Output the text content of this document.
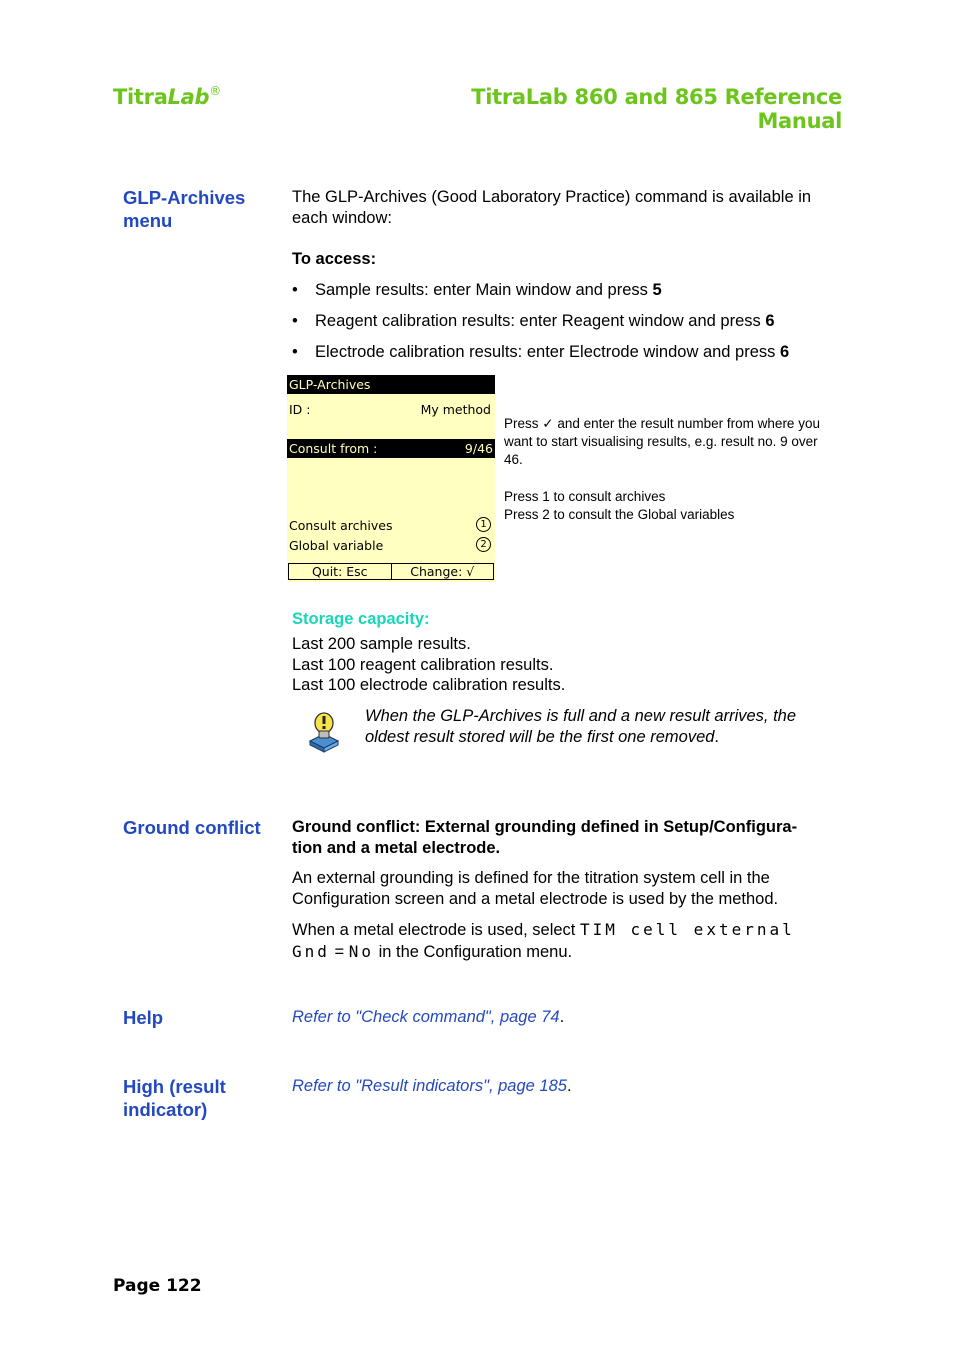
TitraLab®	TitraLab 860 and 865 Reference Manual
GLP-Archives
menu
The GLP-Archives (Good Laboratory Practice) command is available in each window:
To access:
• Sample results: enter Main window and press 5
• Reagent calibration results: enter Reagent window and press 6
• Electrode calibration results: enter Electrode window and press 6
GLP-Archives
ID :	My method
Consult from :	9/46
Consult archives	1
Global variable	2
Quit: Esc	Change: √
Press ✓ and enter the result number from where you want to start visualising results, e.g. result no. 9 over 46.
Press 1 to consult archives
Press 2 to consult the Global variables
Storage capacity:
Last 200 sample results.
Last 100 reagent calibration results.
Last 100 electrode calibration results.
When the GLP-Archives is full and a new result arrives, the oldest result stored will be the first one removed.
Ground conflict Ground conflict: External grounding defined in Setup/Configura-
tion and a metal electrode.
An external grounding is defined for the titration system cell in the Configuration screen and a metal electrode is used by the method.
When a metal electrode is used, select TIM cell external
Gnd = No in the Configuration menu.
Help	Refer to "Check command", page 74.
High (result
indicator)
Refer to "Result indicators", page 185.
Page 122
